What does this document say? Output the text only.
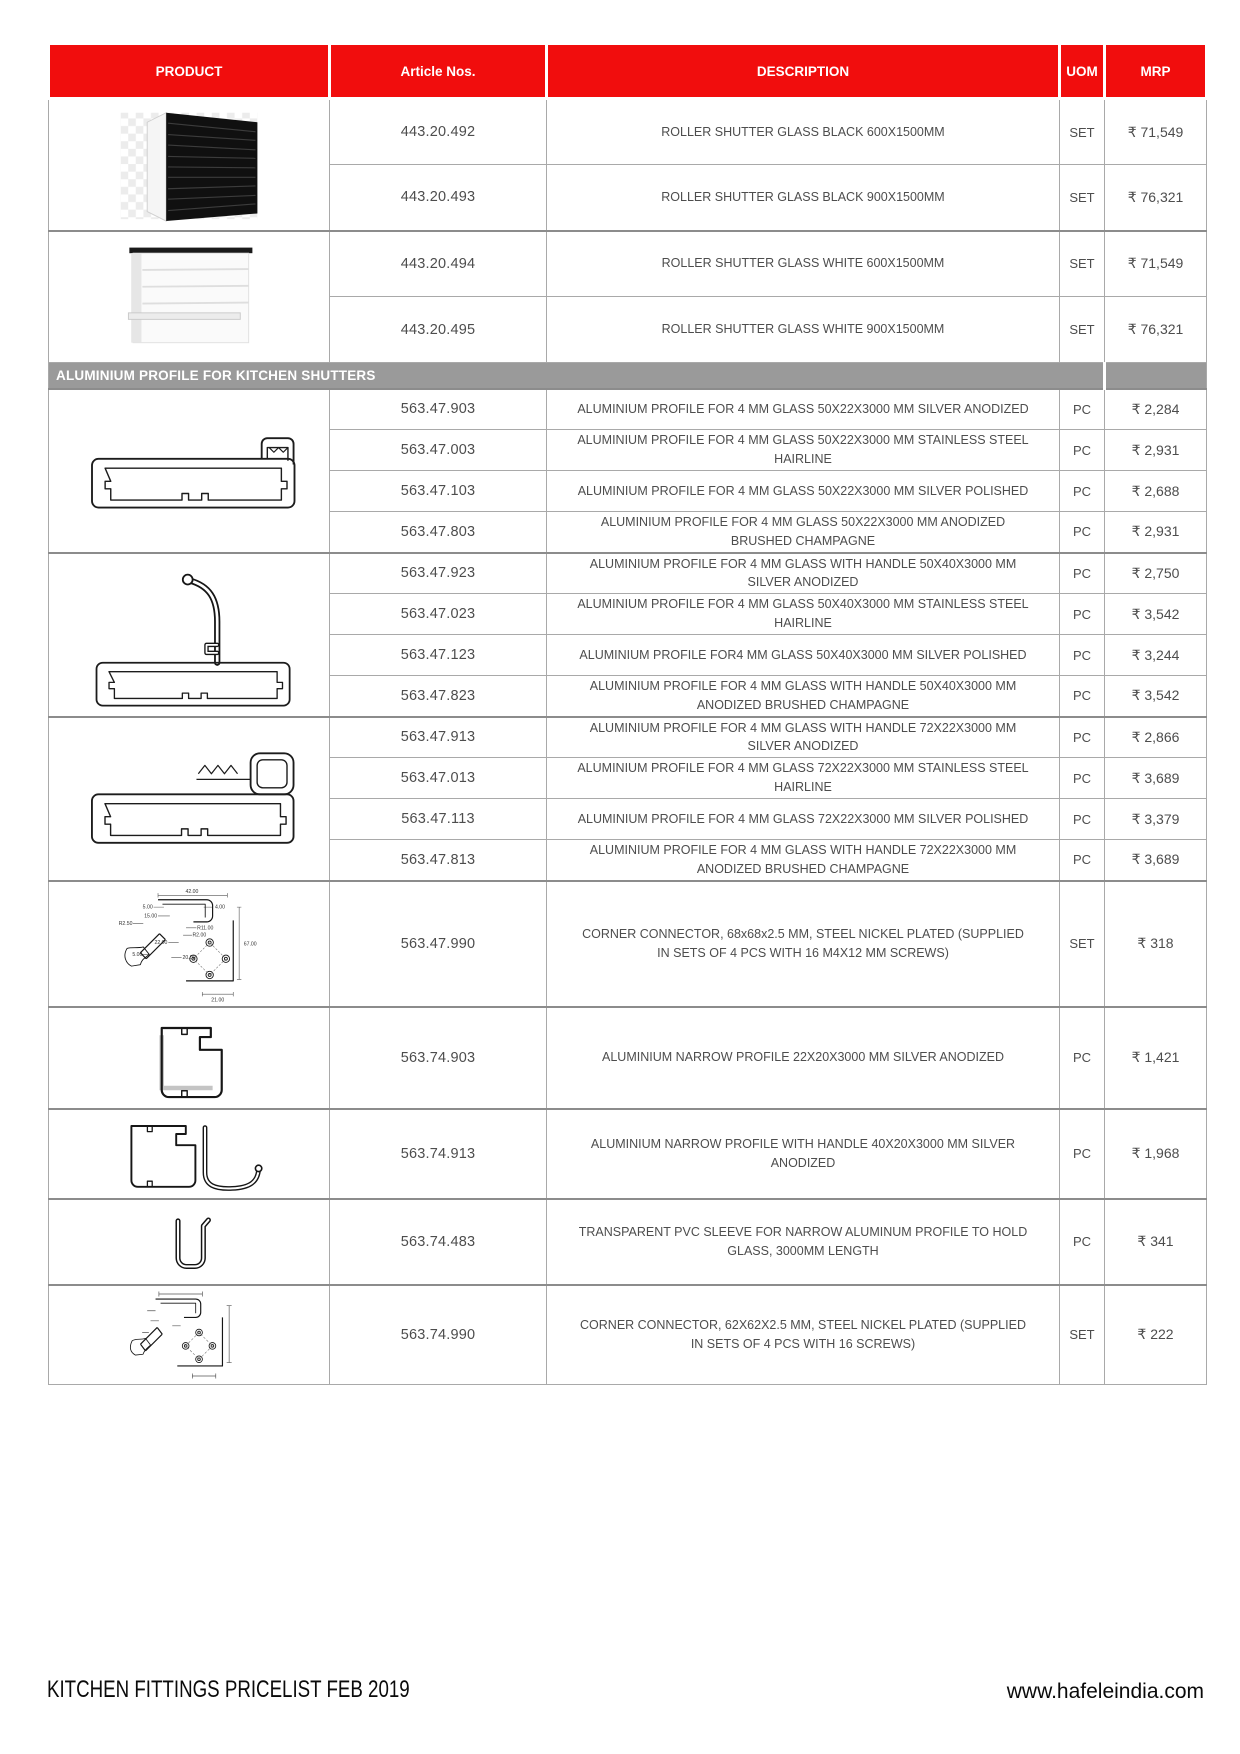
PRODUCT	Article Nos.	DESCRIPTION	UOM	MRP

	443.20.492	ROLLER SHUTTER GLASS BLACK 600X1500MM	SET	₹ 71,549
	443.20.493	ROLLER SHUTTER GLASS BLACK 900X1500MM	SET	₹ 76,321

	443.20.494	ROLLER SHUTTER GLASS WHITE 600X1500MM	SET	₹ 71,549
	443.20.495	ROLLER SHUTTER GLASS WHITE 900X1500MM	SET	₹ 76,321
ALUMINIUM PROFILE FOR KITCHEN SHUTTERS				

	563.47.903	ALUMINIUM PROFILE FOR 4 MM GLASS 50X22X3000 MM SILVER ANODIZED	PC	₹ 2,284
	563.47.003	ALUMINIUM PROFILE FOR 4 MM GLASS 50X22X3000 MM STAINLESS STEEL HAIRLINE	PC	₹ 2,931
	563.47.103	ALUMINIUM PROFILE FOR 4 MM GLASS 50X22X3000 MM SILVER POLISHED	PC	₹ 2,688
	563.47.803	ALUMINIUM PROFILE FOR 4 MM GLASS 50X22X3000 MM ANODIZED BRUSHED CHAMPAGNE	PC	₹ 2,931

	563.47.923	ALUMINIUM PROFILE FOR 4 MM GLASS WITH HANDLE 50X40X3000 MM SILVER ANODIZED	PC	₹ 2,750
	563.47.023	ALUMINIUM PROFILE FOR 4 MM GLASS 50X40X3000 MM STAINLESS STEEL HAIRLINE	PC	₹ 3,542
	563.47.123	ALUMINIUM PROFILE FOR4 MM GLASS 50X40X3000 MM SILVER POLISHED	PC	₹ 3,244
	563.47.823	ALUMINIUM PROFILE FOR 4 MM GLASS WITH HANDLE 50X40X3000 MM ANODIZED BRUSHED CHAMPAGNE	PC	₹ 3,542

	563.47.913	ALUMINIUM PROFILE FOR 4 MM GLASS WITH HANDLE 72X22X3000 MM SILVER ANODIZED	PC	₹ 2,866
	563.47.013	ALUMINIUM PROFILE FOR 4 MM GLASS 72X22X3000 MM STAINLESS STEEL HAIRLINE	PC	₹ 3,689
	563.47.113	ALUMINIUM PROFILE FOR 4 MM GLASS 72X22X3000 MM SILVER POLISHED	PC	₹ 3,379
	563.47.813	ALUMINIUM PROFILE FOR 4 MM GLASS WITH HANDLE 72X22X3000 MM ANODIZED BRUSHED CHAMPAGNE	PC	₹ 3,689

42.00
5.00
15.00
4.00
R2.50
R11.00
R2.00
22.00
5.00	20.00
67.00
21.00
	563.47.990	CORNER CONNECTOR, 68x68x2.5 MM, STEEL NICKEL PLATED (SUPPLIED IN SETS OF 4 PCS WITH 16 M4X12 MM SCREWS)	SET	₹ 318

	563.74.903	ALUMINIUM NARROW PROFILE 22X20X3000 MM SILVER ANODIZED	PC	₹ 1,421

	563.74.913	ALUMINIUM NARROW PROFILE WITH HANDLE 40X20X3000 MM SILVER ANODIZED	PC	₹ 1,968

	563.74.483	TRANSPARENT PVC SLEEVE FOR NARROW ALUMINUM PROFILE TO HOLD GLASS, 3000MM LENGTH	PC	₹ 341

	563.74.990	CORNER CONNECTOR, 62X62X2.5 MM, STEEL NICKEL PLATED (SUPPLIED IN SETS OF 4 PCS WITH 16 SCREWS)	SET	₹ 222
KITCHEN FITTINGS PRICELIST FEB 2019	www.hafeleindia.com
